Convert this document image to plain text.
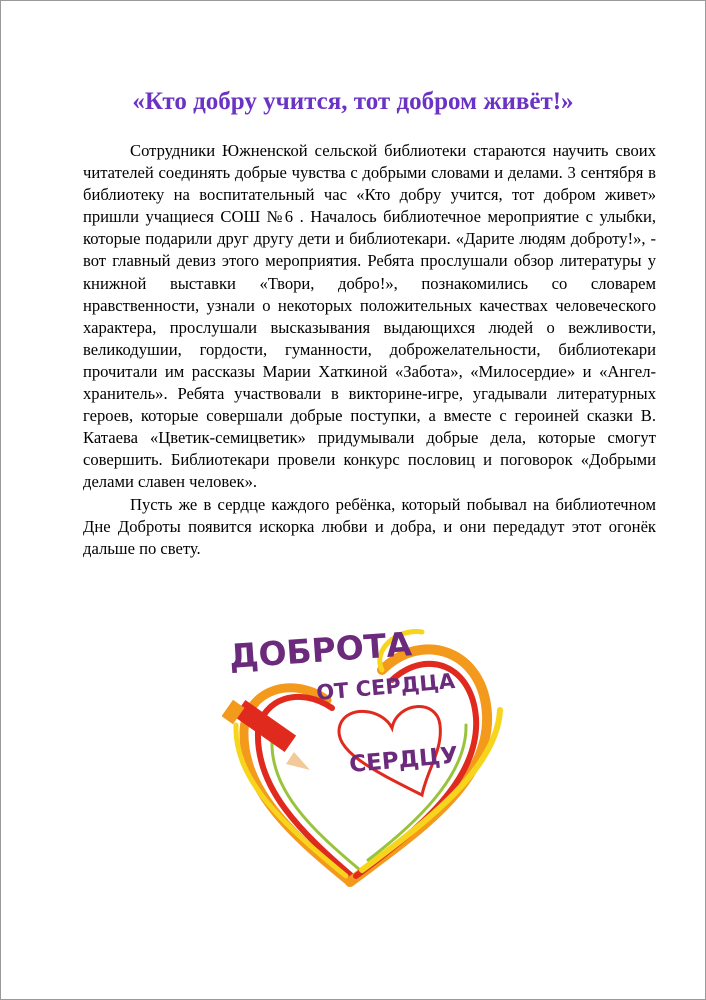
«Кто добру учится, тот добром живёт!»

Сотрудники Южненской сельской библиотеки стараются научить своих читателей соединять добрые чувства с добрыми словами и делами. 3 сентября в библиотеку на воспитательный час «Кто добру учится, тот добром живет» пришли учащиеся СОШ №6 . Началось библиотечное мероприятие с улыбки, которые подарили друг другу дети и библиотекари. «Дарите людям доброту!», - вот главный девиз этого мероприятия. Ребята прослушали обзор литературы у книжной выставки «Твори, добро!», познакомились со словарем нравственности, узнали о некоторых положительных качествах человеческого характера, прослушали высказывания выдающихся людей о вежливости, великодушии, гордости, гуманности, доброжелательности, библиотекари прочитали им рассказы Марии Хаткиной «Забота», «Милосердие» и «Ангел-хранитель». Ребята участвовали в викторине-игре, угадывали литературных героев, которые совершали добрые поступки, а вместе с героиней сказки В. Катаева «Цветик-семицветик» придумывали добрые дела, которые смогут совершить. Библиотекари провели конкурс пословиц и поговорок «Добрыми делами славен человек».

Пусть же в сердце каждого ребёнка, который побывал на библиотечном Дне Доброты появится искорка любви и добра, и они передадут этот огонёк дальше по свету.

ДОБРОТА
ОТ СЕРДЦА
СЕРДЦУ
